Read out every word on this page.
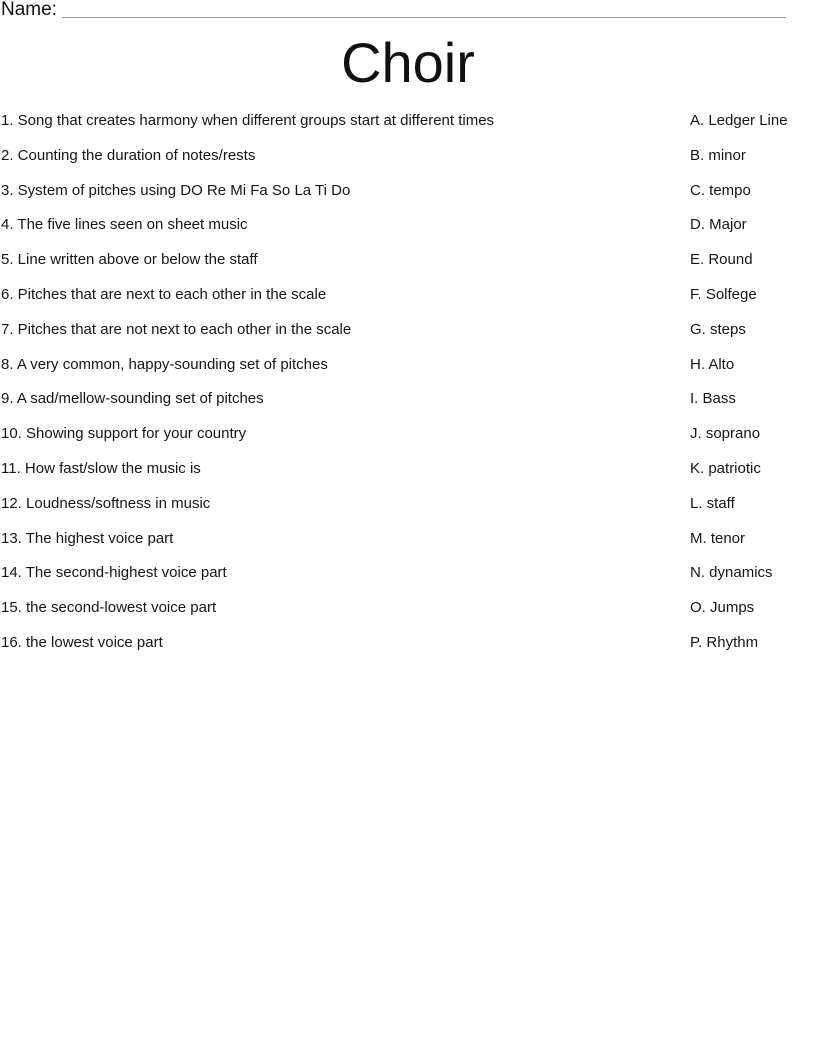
Name:
Choir
1. Song that creates harmony when different groups start at different times
2. Counting the duration of notes/rests
3. System of pitches using DO Re Mi Fa So La Ti Do
4. The five lines seen on sheet music
5. Line written above or below the staff
6. Pitches that are next to each other in the scale
7. Pitches that are not next to each other in the scale
8. A very common, happy-sounding set of pitches
9. A sad/mellow-sounding set of pitches
10. Showing support for your country
11. How fast/slow the music is
12. Loudness/softness in music
13. The highest voice part
14. The second-highest voice part
15. the second-lowest voice part
16. the lowest voice part
A. Ledger Line
B. minor
C. tempo
D. Major
E. Round
F. Solfege
G. steps
H. Alto
I. Bass
J. soprano
K. patriotic
L. staff
M. tenor
N. dynamics
O. Jumps
P. Rhythm
